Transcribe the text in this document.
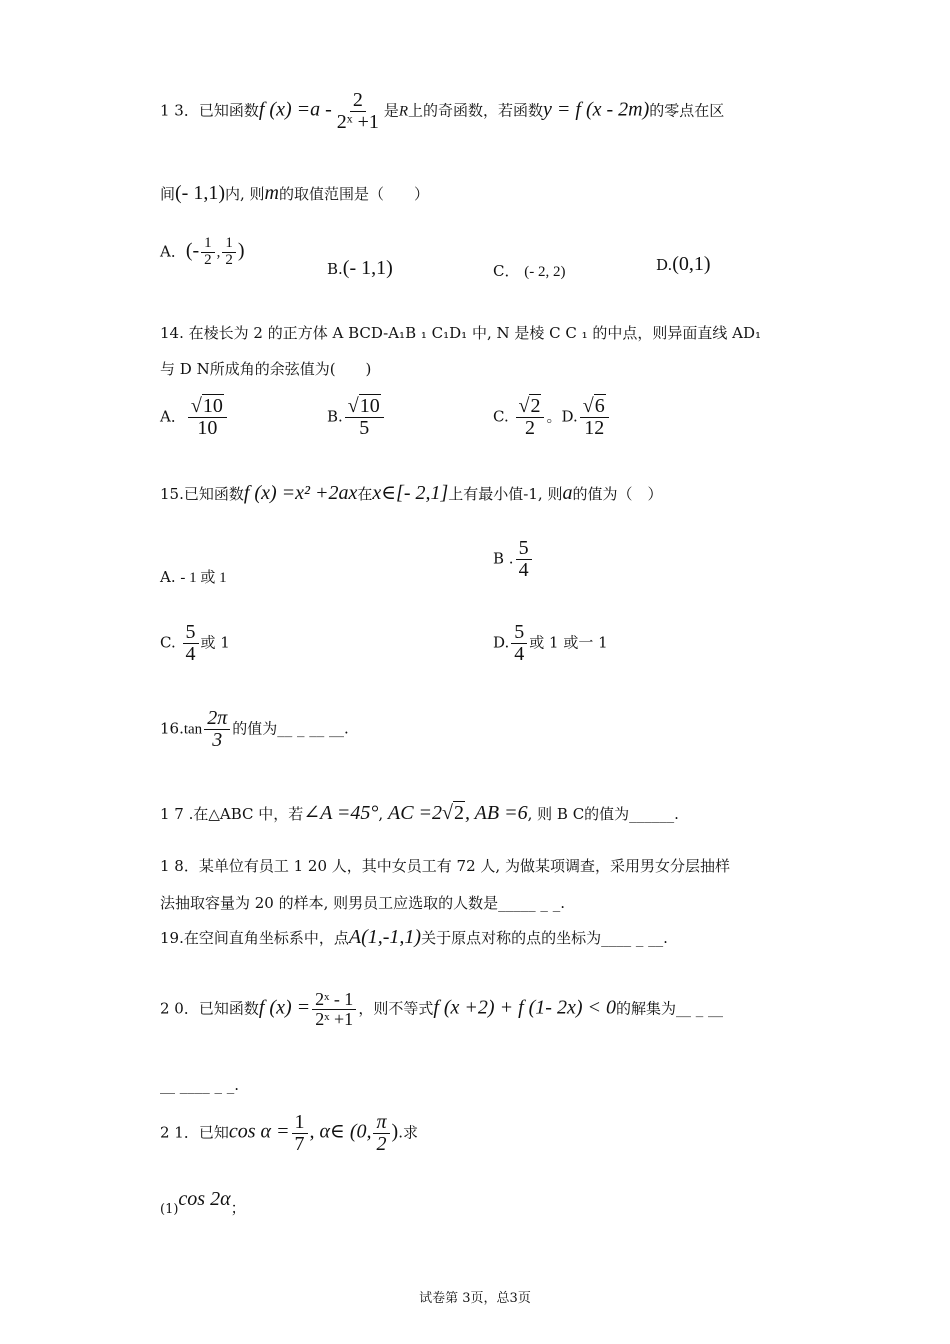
1 3．已知函数f $(x) =a - \frac{2}{\text{2ˣ +1}}$ 是R上的奇函数，若函数y = f (x - 2m)的零点在区
间(- 1,1)内, 则m的取值范围是（　　）
A．(- $\frac{1}{2}$ , $\frac{1}{2}$ )
B.(- 1,1)	C． (- 2, 2)	D.(0,1)
14. 在棱长为 2 的正方体 A BCD-A₁B ₁ C₁D₁ 中, N 是棱 C C ₁ 的中点，则异面直线 AD₁
与 D N所成角的余弦值为(　　)
A． $\frac{√10}{10}$	B. $\frac{√10}{5}$	C. $\frac{√2}{2}$ 。D. $\frac{√6}{12}$
15.已知函数f (x) =x² +2ax在x∈[- 2,1]上有最小值-1, 则a的值为（　）
A. - 1 或 1
B . $\frac{5}{4}$
C. $\frac{5}{4}$ 或 1	D. $\frac{5}{4}$ 或 1 或一 1
$16.\tan \frac{2\pi}{3}$ 的值为__ _ __ __.
1 7 .在△ABC 中，若∠A =45°, AC =2√2, AB =6, 则 B C的值为______.
1 8．某单位有员工 1 20 人，其中女员工有 72 人, 为做某项调查，采用男女分层抽样
法抽取容量为 20 的样本, 则男员工应选取的人数是_____ _ _.
19.在空间直角坐标系中，点A(1,-1,1)关于原点对称的点的坐标为____ _ __.
2 0．已知函数f $(x) = \frac{\text{2ˣ - 1}}{\text{2ˣ +1}}$ ，则不等式f (x +2) + f (1- 2x) < 0的解集为__ _ __
__ ____ _ _.
2 1．已知$\cos \alpha = \frac{1}{7}$ , α∈ (0, $\frac{\pi}{2}$ ).求
(1)cos 2α；
试卷第 3页，总3页
